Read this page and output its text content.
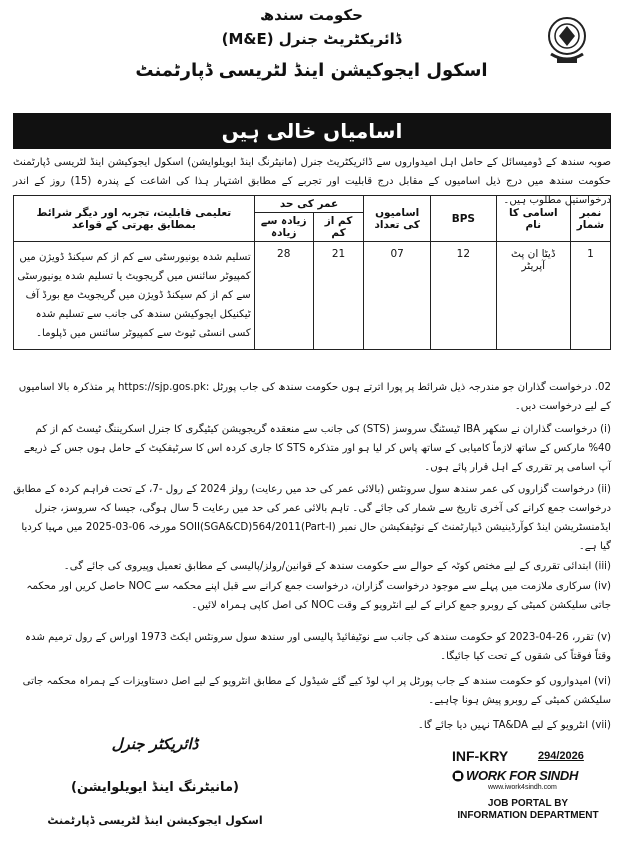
حکومت سندھ
ڈائریکٹریٹ جنرل (M&E)
اسکول ایجوکیشن اینڈ لٹریسی ڈپارٹمنٹ
اسامیاں خالی ہیں
صوبہ سندھ کے ڈومیسائل کے حامل اہل امیدواروں سے ڈائریکٹریٹ جنرل (مانیٹرنگ اینڈ ایویلوایشن) اسکول ایجوکیشن اینڈ لٹریسی ڈپارٹمنٹ حکومت سندھ میں درج ذیل اسامیوں کے مقابل درج قابلیت اور تجربے کے مطابق اشتہار ہذا کی اشاعت کے پندرہ (15) روز کے اندر درخواستیں مطلوب ہیں۔
نمبر شمار	اسامی کا نام	BPS	اسامیوں کی تعداد	عمر کی حد		تعلیمی قابلیت، تجربہ اور دیگر شرائط بمطابق بھرتی کے قواعد
				کم از کم	زیادہ سے زیادہ	
1	ڈیٹا ان پٹ آپریٹر	12	07	21	28	تسلیم شدہ یونیورسٹی سے کم از کم سیکنڈ ڈویژن میں کمپیوٹر سائنس میں گریجویٹ یا تسلیم شدہ یونیورسٹی سے کم از کم سیکنڈ ڈویژن میں گریجویٹ مع بورڈ آف ٹیکنیکل ایجوکیشن سندھ کی جانب سے تسلیم شدہ کسی انسٹی ٹیوٹ سے کمپیوٹر سائنس میں ڈپلوما۔
02. درخواست گذاران جو مندرجہ ذیل شرائط پر پورا اترتے ہوں حکومت سندھ کی جاب پورٹل https://sjp.gos.pk: پر متذکرہ بالا اسامیوں کے لیے درخواست دیں۔
(i) درخواست گذاران نے سکھر IBA ٹیسٹنگ سروسز (STS) کی جانب سے منعقدہ گریجویشن کیٹیگری کا جنرل اسکریننگ ٹیسٹ کم از کم 40% مارکس کے ساتھ لازماً کامیابی کے ساتھ پاس کر لیا ہو اور متذکرہ STS کا جاری کردہ اس کا سرٹیفکیٹ کے حامل ہوں جس کے ذریعے آپ اسامی پر تقرری کے اہل قرار پائے ہوں۔
(ii) درخواست گزاروں کی عمر سندھ سول سرونٹس (بالائی عمر کی حد میں رعایت) رولز 2024 کے رول -7، کے تحت فراہم کردہ کے مطابق درخواست جمع کرانے کی آخری تاریخ سے شمار کی جائے گی۔ تاہم بالائی عمر کی حد میں رعایت 5 سال ہوگی، جیسا کہ سروسز، جنرل ایڈمنسٹریشن اینڈ کوآرڈینیشن ڈیپارٹمنٹ کے نوٹیفکیشن حال نمبر SOII(SGA&CD)564/2011(Part-I) مورخہ 06-03-2025 میں مہیا کردیا گیا ہے۔
(iii) ابتدائی تقرری کے لیے مختص کوٹہ کے حوالے سے حکومت سندھ کے قوانین/رولز/پالیسی کے مطابق تعمیل وپیروی کی جائے گی۔
(iv) سرکاری ملازمت میں پہلے سے موجود درخواست گزاران، درخواست جمع کرانے سے قبل اپنے محکمہ سے NOC حاصل کریں اور محکمہ جاتی سلیکشن کمیٹی کے روبرو جمع کرانے کے لیے انٹرویو کے وقت NOC کی اصل کاپی ہمراہ لائیں۔
(v) تقرر، 26-04-2023 کو حکومت سندھ کی جانب سے نوٹیفائیڈ پالیسی اور سندھ سول سرونٹس ایکٹ 1973 اوراس کے رول ترمیم شدہ وقتاً فوقتاً کی شقوں کے تحت کیا جائیگا۔
(vi) امیدواروں کو حکومت سندھ کے جاب پورٹل پر اپ لوڈ کیے گئے شیڈول کے مطابق انٹرویو کے لیے اصل دستاویزات کے ہمراہ محکمہ جاتی سلیکشن کمیٹی کے روبرو پیش ہونا چاہیے۔
(vii) انٹرویو کے لیے TA&DA نہیں دیا جائے گا۔
ڈائریکٹر جنرل
(مانیٹرنگ اینڈ ایویلوایشن)
اسکول ایجوکیشن اینڈ لٹریسی ڈپارٹمنٹ
INF-KRY	294/2026
WORK FOR SINDH
www.iwork4sindh.com
JOB PORTAL BY
INFORMATION DEPARTMENT
